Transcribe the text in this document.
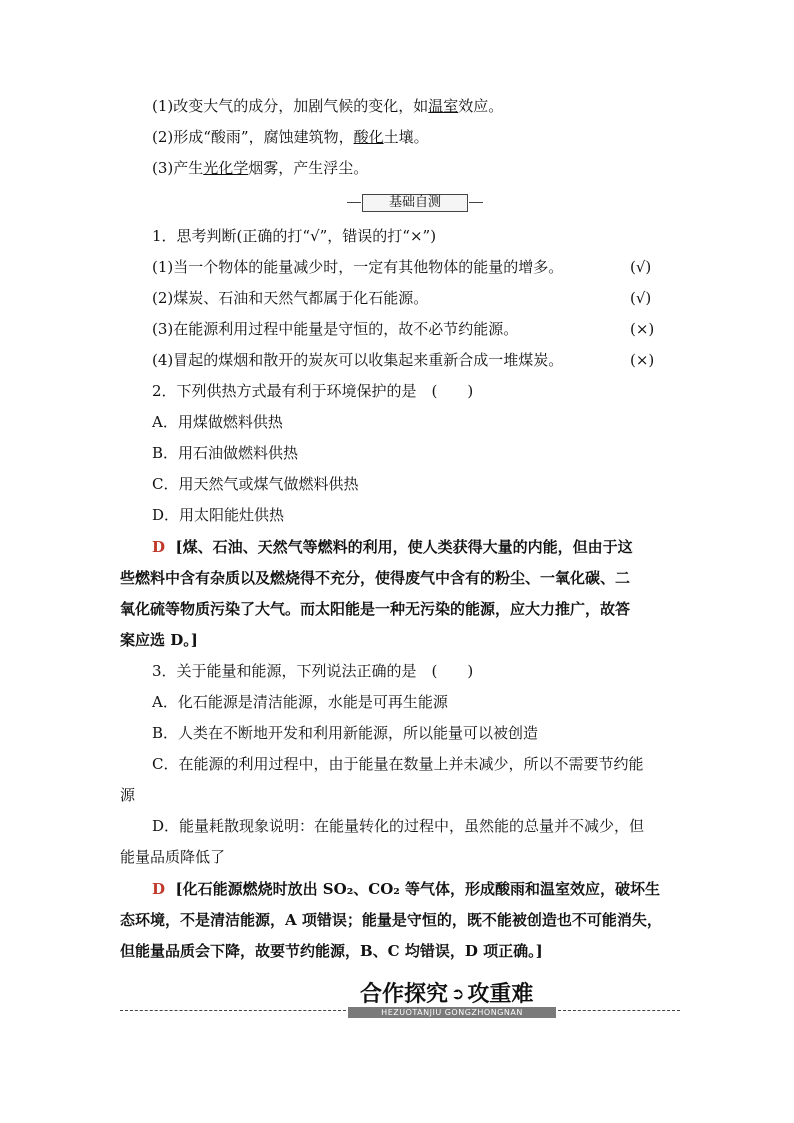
(1)改变大气的成分，加剧气候的变化，如温室效应。
(2)形成“酸雨”，腐蚀建筑物，酸化土壤。
(3)产生光化学烟雾，产生浮尘。
基础自测
1．思考判断(正确的打“√”，错误的打“×”)
(1)当一个物体的能量减少时，一定有其他物体的能量的增多。	(√)
(2)煤炭、石油和天然气都属于化石能源。	(√)
(3)在能源利用过程中能量是守恒的，故不必节约能源。	(×)
(4)冒起的煤烟和散开的炭灰可以收集起来重新合成一堆煤炭。	(×)
2．下列供热方式最有利于环境保护的是　(　　)
A．用煤做燃料供热
B．用石油做燃料供热
C．用天然气或煤气做燃料供热
D．用太阳能灶供热
D [煤、石油、天然气等燃料的利用，使人类获得大量的内能，但由于这
些燃料中含有杂质以及燃烧得不充分，使得废气中含有的粉尘、一氧化碳、二
氧化硫等物质污染了大气。而太阳能是一种无污染的能源，应大力推广，故答
案应选 D。]
3．关于能量和能源，下列说法正确的是　(　　)
A．化石能源是清洁能源，水能是可再生能源
B．人类在不断地开发和利用新能源，所以能量可以被创造
C．在能源的利用过程中，由于能量在数量上并未减少，所以不需要节约能
源
D．能量耗散现象说明：在能量转化的过程中，虽然能的总量并不减少，但
能量品质降低了
D [化石能源燃烧时放出 SO₂、CO₂ 等气体，形成酸雨和温室效应，破坏生
态环境，不是清洁能源，A 项错误；能量是守恒的，既不能被创造也不可能消失，
但能量品质会下降，故要节约能源，B、C 均错误，D 项正确。]
合作探究 ➲ 攻重难
HEZUOTANJIU GONGZHONGNAN
